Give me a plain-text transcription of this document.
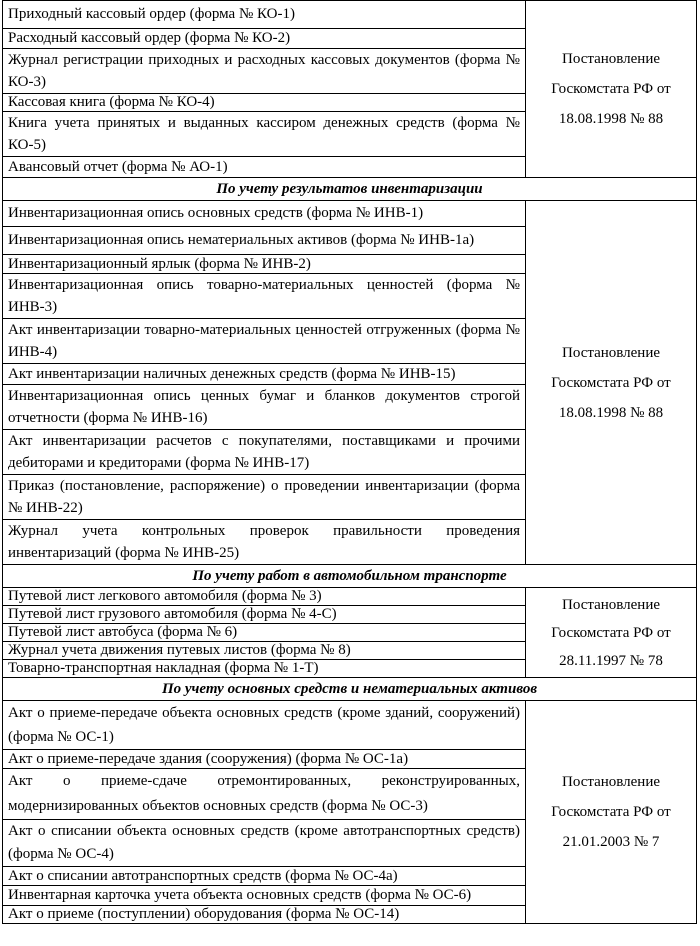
Приходный кассовый ордер (форма № КО-1)	Постановление
Госкомстата РФ от
18.08.1998 № 88

Расходный кассовый ордер (форма № КО-2)	
Журнал регистрации приходных и расходных кассовых документов (форма № КО-3)	
Кассовая книга (форма № КО-4)	
Книга учета принятых и выданных кассиром денежных средств (форма № КО-5)	
Авансовый отчет (форма № АО-1)	
По учету результатов инвентаризации	
Инвентаризационная опись основных средств (форма № ИНВ-1)	Постановление
Госкомстата РФ от
18.08.1998 № 88

Инвентаризационная опись нематериальных активов (форма № ИНВ-1а)	
Инвентаризационный ярлык (форма № ИНВ-2)	
Инвентаризационная опись товарно-материальных ценностей (форма № ИНВ-3)	
Акт инвентаризации товарно-материальных ценностей отгруженных (форма № ИНВ-4)	
Акт инвентаризации наличных денежных средств (форма № ИНВ-15)	
Инвентаризационная опись ценных бумаг и бланков документов строгой отчетности (форма № ИНВ-16)	
Акт инвентаризации расчетов с покупателями, поставщиками и прочими дебиторами и кредиторами (форма № ИНВ-17)	
Приказ (постановление, распоряжение) о проведении инвентаризации (форма № ИНВ-22)	
Журнал учета контрольных проверок правильности проведения инвентаризаций (форма № ИНВ-25)	
По учету работ в автомобильном транспорте	
Путевой лист легкового автомобиля (форма № 3)	Постановление
Госкомстата РФ от
28.11.1997 № 78

Путевой лист грузового автомобиля (форма № 4-С)	
Путевой лист автобуса (форма № 6)	
Журнал учета движения путевых листов (форма № 8)	
Товарно-транспортная накладная (форма № 1-Т)	
По учету основных средств и нематериальных активов	
Акт о приеме-передаче объекта основных средств (кроме зданий, сооружений) (форма № ОС-1)	Постановление
Госкомстата РФ от
21.01.2003 № 7

Акт о приеме-передаче здания (сооружения) (форма № ОС-1а)	
Акт о приеме-сдаче отремонтированных, реконструированных, модернизированных объектов основных средств (форма № ОС-3)	
Акт о списании объекта основных средств (кроме автотранспортных средств) (форма № ОС-4)	
Акт о списании автотранспортных средств (форма № ОС-4а)	
Инвентарная карточка учета объекта основных средств (форма № ОС-6)	
Акт о приеме (поступлении) оборудования (форма № ОС-14)	
